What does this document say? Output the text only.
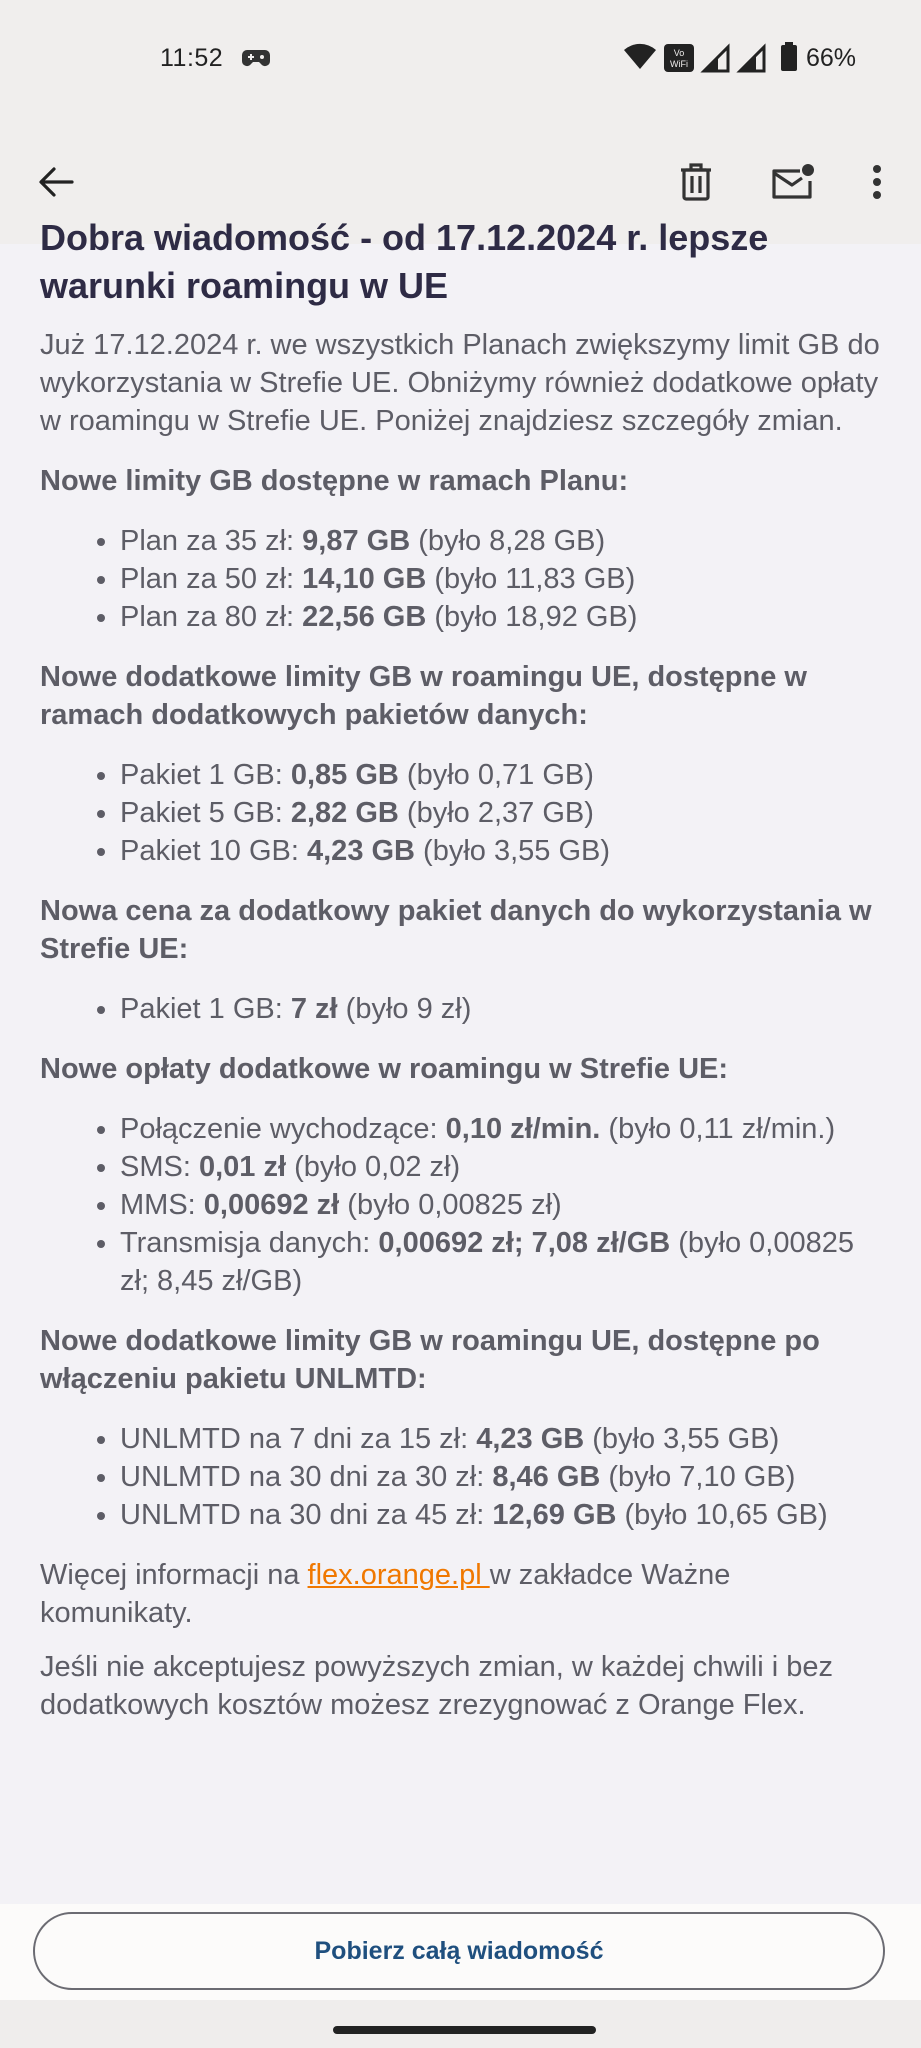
11:52	Vo
WiFi	66%
Dobra wiadomość - od 17.12.2024 r. lepsze warunki roamingu w UE

Już 17.12.2024 r. we wszystkich Planach zwiększymy limit GB do wykorzystania w Strefie UE. Obniżymy również dodatkowe opłaty w roamingu w Strefie UE. Poniżej znajdziesz szczegóły zmian.

Nowe limity GB dostępne w ramach Planu:

• Plan za 35 zł: 9,87 GB (było 8,28 GB)
• Plan za 50 zł: 14,10 GB (było 11,83 GB)
• Plan za 80 zł: 22,56 GB (było 18,92 GB)

Nowe dodatkowe limity GB w roamingu UE, dostępne w ramach dodatkowych pakietów danych:

• Pakiet 1 GB: 0,85 GB (było 0,71 GB)
• Pakiet 5 GB: 2,82 GB (było 2,37 GB)
• Pakiet 10 GB: 4,23 GB (było 3,55 GB)

Nowa cena za dodatkowy pakiet danych do wykorzystania w Strefie UE:

• Pakiet 1 GB: 7 zł (było 9 zł)

Nowe opłaty dodatkowe w roamingu w Strefie UE:

• Połączenie wychodzące: 0,10 zł/min. (było 0,11 zł/min.)
• SMS: 0,01 zł (było 0,02 zł)
• MMS: 0,00692 zł (było 0,00825 zł)
• Transmisja danych: 0,00692 zł; 7,08 zł/GB (było 0,00825 zł; 8,45 zł/GB)

Nowe dodatkowe limity GB w roamingu UE, dostępne po włączeniu pakietu UNLMTD:

• UNLMTD na 7 dni za 15 zł: 4,23 GB (było 3,55 GB)
• UNLMTD na 30 dni za 30 zł: 8,46 GB (było 7,10 GB)
• UNLMTD na 30 dni za 45 zł: 12,69 GB (było 10,65 GB)

Więcej informacji na flex.orange.pl w zakładce Ważne komunikaty.

Jeśli nie akceptujesz powyższych zmian, w każdej chwili i bez dodatkowych kosztów możesz zrezygnować z Orange Flex.

Pobierz całą wiadomość
